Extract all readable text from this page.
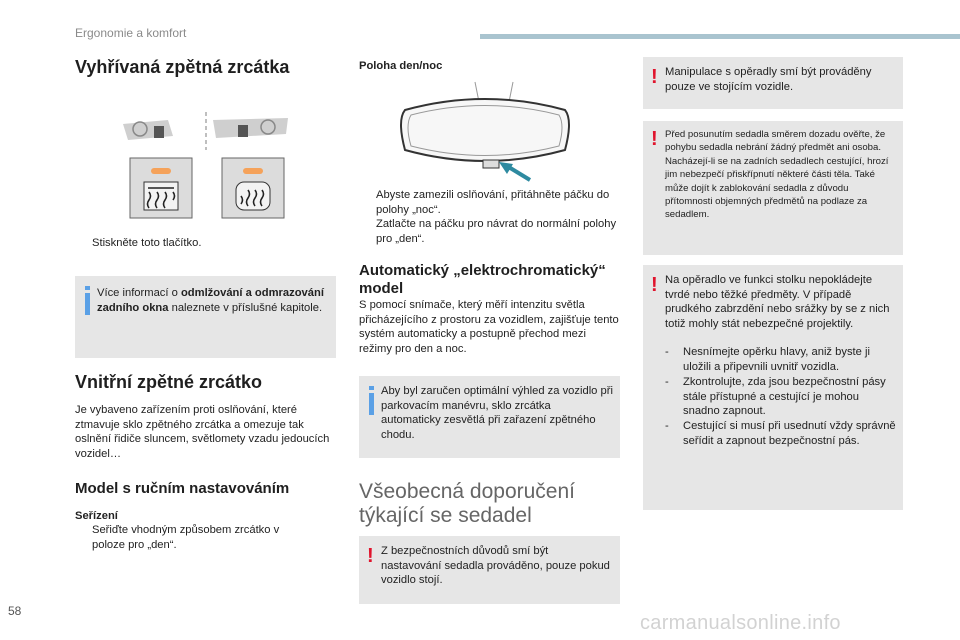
Ergonomie a komfort
Vyhřívaná zpětná zrcátka
Stiskněte toto tlačítko.
Více informací o odmlžování a odmrazování zadního okna naleznete v příslušné kapitole.
Vnitřní zpětné zrcátko
Je vybaveno zařízením proti oslňování, které ztmavuje sklo zpětného zrcátka a omezuje tak oslnění řidiče sluncem, světlomety vzadu jedoucích vozidel…
Model s ručním nastavováním
Seřízení
Seřiďte vhodným způsobem zrcátko v poloze pro „den“.
Poloha den/noc
Abyste zamezili oslňování, přitáhněte páčku do polohy „noc“.
Zatlačte na páčku pro návrat do normální polohy pro „den“.
Automatický „elektrochromatický“ model
S pomocí snímače, který měří intenzitu světla přicházejícího z prostoru za vozidlem, zajišťuje tento systém automaticky a postupně přechod mezi režimy pro den a noc.
Aby byl zaručen optimální výhled za vozidlo při parkovacím manévru, sklo zrcátka automaticky zesvětlá při zařazení zpětného chodu.
Všeobecná doporučení týkající se sedadel
! Z bezpečnostních důvodů smí být nastavování sedadla prováděno, pouze pokud vozidlo stojí.
! Manipulace s opěradly smí být prováděny pouze ve stojícím vozidle.
! Před posunutím sedadla směrem dozadu ověřte, že pohybu sedadla nebrání žádný předmět ani osoba.
Nacházejí-li se na zadních sedadlech cestující, hrozí jim nebezpečí přiskřípnutí některé části těla. Také může dojít k zablokování sedadla z důvodu přítomnosti objemných předmětů na podlaze za sedadlem.
! Na opěradlo ve funkci stolku nepokládejte tvrdé nebo těžké předměty. V případě prudkého zabrzdění nebo srážky by se z nich totiž mohly stát nebezpečné projektily.
- Nesnímejte opěrku hlavy, aniž byste ji uložili a připevnili uvnitř vozidla.
- Zkontrolujte, zda jsou bezpečnostní pásy stále přístupné a cestující je mohou snadno zapnout.
- Cestující si musí při usednutí vždy správně seřídit a zapnout bezpečnostní pás.
58
carmanualsonline.info
